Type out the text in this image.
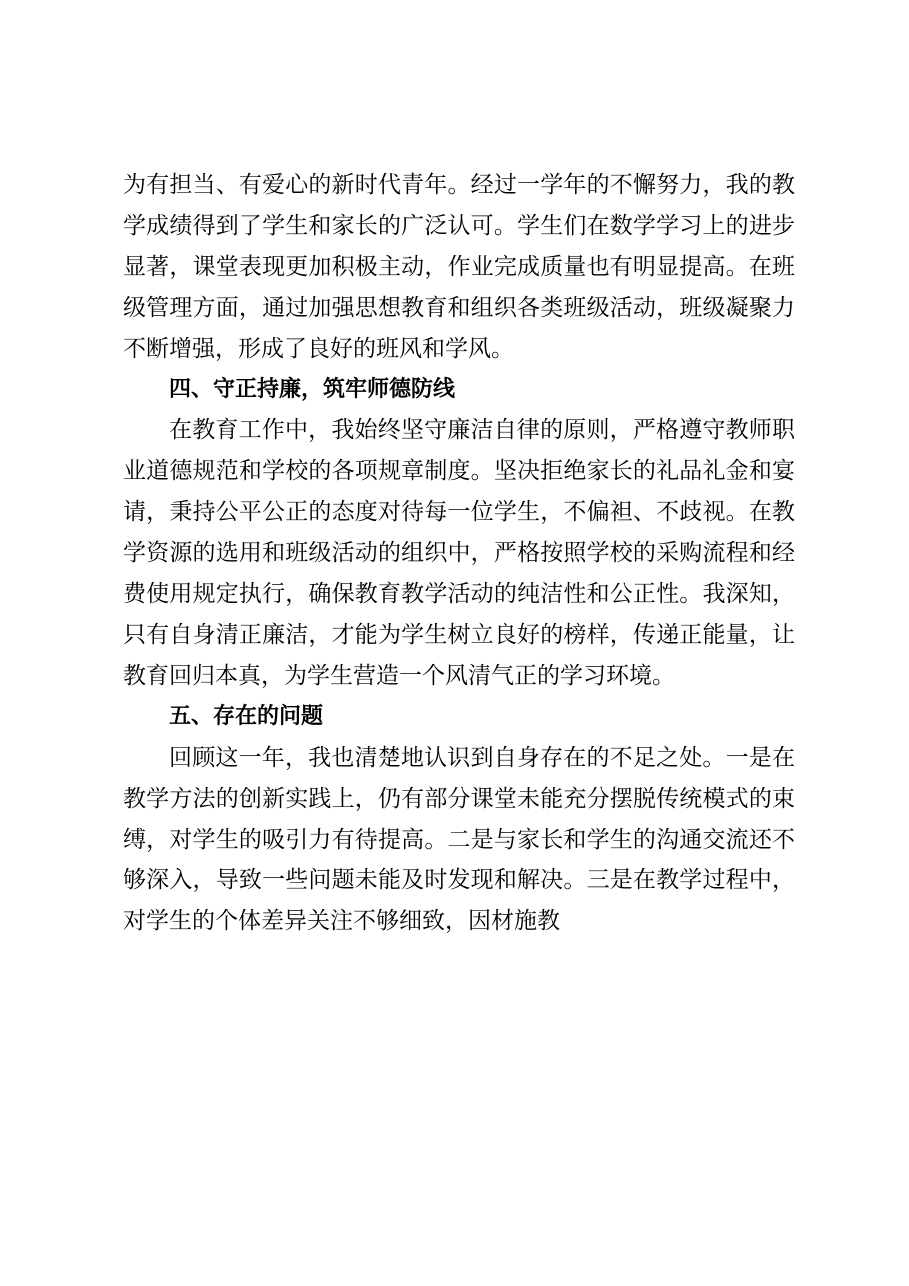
为有担当、有爱心的新时代青年。经过一学年的不懈努力，我的教学成绩得到了学生和家长的广泛认可。学生们在数学学习上的进步显著，课堂表现更加积极主动，作业完成质量也有明显提高。在班级管理方面，通过加强思想教育和组织各类班级活动，班级凝聚力不断增强，形成了良好的班风和学风。

四、守正持廉，筑牢师德防线

在教育工作中，我始终坚守廉洁自律的原则，严格遵守教师职业道德规范和学校的各项规章制度。坚决拒绝家长的礼品礼金和宴请，秉持公平公正的态度对待每一位学生，不偏袒、不歧视。在教学资源的选用和班级活动的组织中，严格按照学校的采购流程和经费使用规定执行，确保教育教学活动的纯洁性和公正性。我深知，只有自身清正廉洁，才能为学生树立良好的榜样，传递正能量，让教育回归本真，为学生营造一个风清气正的学习环境。

五、存在的问题

回顾这一年，我也清楚地认识到自身存在的不足之处。一是在教学方法的创新实践上，仍有部分课堂未能充分摆脱传统模式的束缚，对学生的吸引力有待提高。二是与家长和学生的沟通交流还不够深入，导致一些问题未能及时发现和解决。三是在教学过程中，对学生的个体差异关注不够细致，因材施教
